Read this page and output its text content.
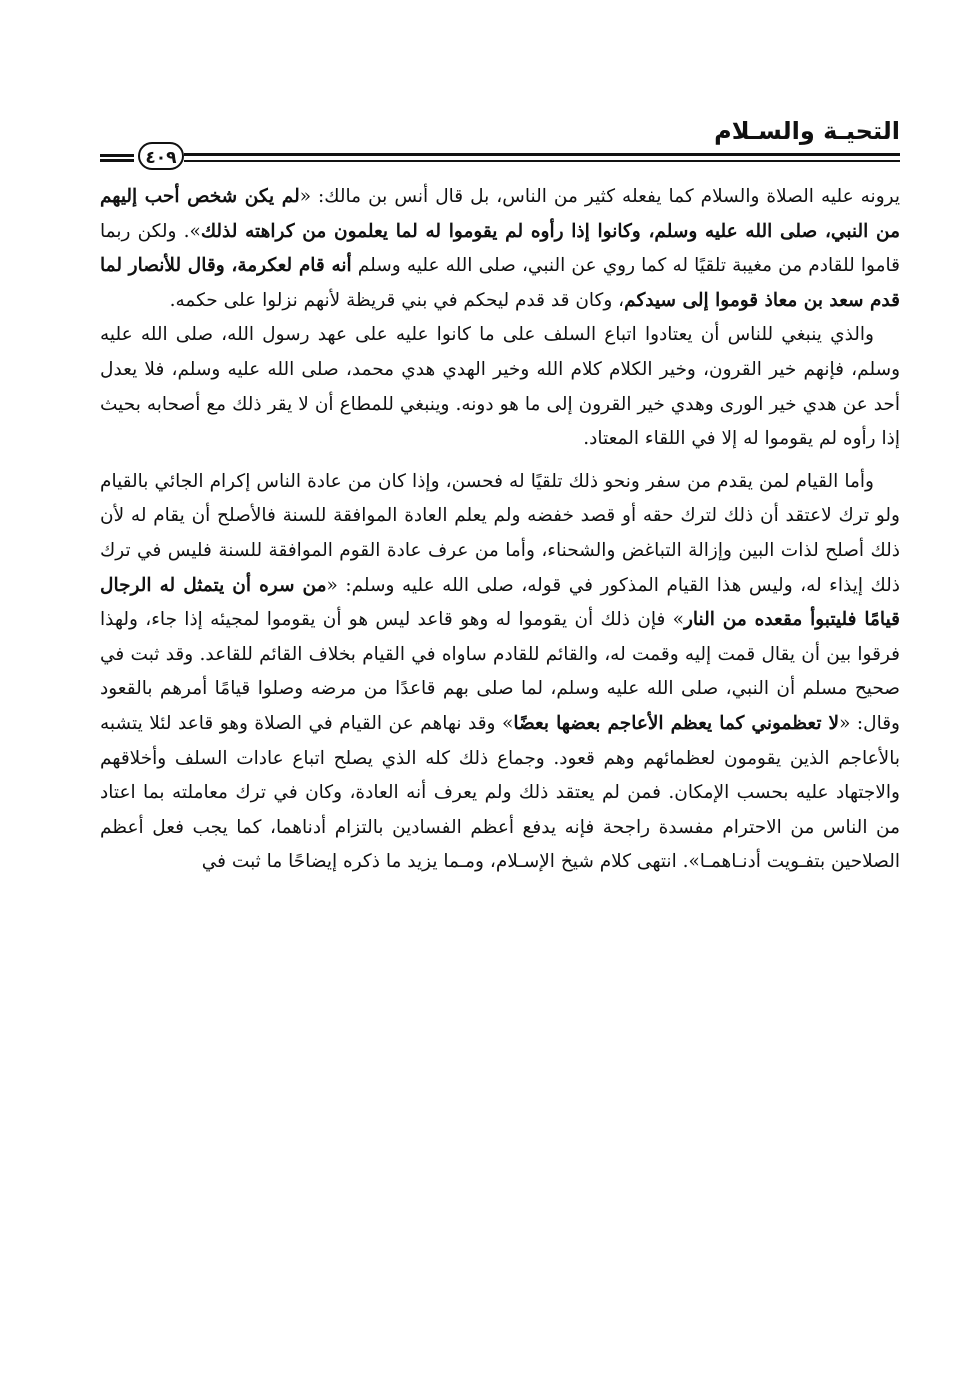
التحيـة والسـلام
٤٠٩

يرونه عليه الصلاة والسلام كما يفعله كثير من الناس، بل قال أنس بن مالك: «لم يكن شخص أحب إليهم من النبي، صلى الله عليه وسلم، وكانوا إذا رأوه لم يقوموا له لما يعلمون من كراهته لذلك». ولكن ربما قاموا للقادم من مغيبة تلقيًا له كما روي عن النبي، صلى الله عليه وسلم أنه قام لعكرمة، وقال للأنصار لما قدم سعد بن معاذ قوموا إلى سيدكم، وكان قد قدم ليحكم في بني قريظة لأنهم نزلوا على حكمه.

والذي ينبغي للناس أن يعتادوا اتباع السلف على ما كانوا عليه على عهد رسول الله، صلى الله عليه وسلم، فإنهم خير القرون، وخير الكلام كلام الله وخير الهدي هدي محمد، صلى الله عليه وسلم، فلا يعدل أحد عن هدي خير الورى وهدي خير القرون إلى ما هو دونه. وينبغي للمطاع أن لا يقر ذلك مع أصحابه بحيث إذا رأوه لم يقوموا له إلا في اللقاء المعتاد.

وأما القيام لمن يقدم من سفر ونحو ذلك تلقيًا له فحسن، وإذا كان من عادة الناس إكرام الجائي بالقيام ولو ترك لاعتقد أن ذلك لترك حقه أو قصد خفضه ولم يعلم العادة الموافقة للسنة فالأصلح أن يقام له لأن ذلك أصلح لذات البين وإزالة التباغض والشحناء، وأما من عرف عادة القوم الموافقة للسنة فليس في ترك ذلك إيذاء له، وليس هذا القيام المذكور في قوله، صلى الله عليه وسلم: «من سره أن يتمثل له الرجال قيامًا فليتبوأ مقعده من النار» فإن ذلك أن يقوموا له وهو قاعد ليس هو أن يقوموا لمجيئه إذا جاء، ولهذا فرقوا بين أن يقال قمت إليه وقمت له، والقائم للقادم ساواه في القيام بخلاف القائم للقاعد. وقد ثبت في صحيح مسلم أن النبي، صلى الله عليه وسلم، لما صلى بهم قاعدًا من مرضه وصلوا قيامًا أمرهم بالقعود وقال: «لا تعظموني كما يعظم الأعاجم بعضها بعضًا» وقد نهاهم عن القيام في الصلاة وهو قاعد لئلا يتشبه بالأعاجم الذين يقومون لعظمائهم وهم قعود. وجماع ذلك كله الذي يصلح اتباع عادات السلف وأخلاقهم والاجتهاد عليه بحسب الإمكان. فمن لم يعتقد ذلك ولم يعرف أنه العادة، وكان في ترك معاملته بما اعتاد من الناس من الاحترام مفسدة راجحة فإنه يدفع أعظم الفسادين بالتزام أدناهما، كما يجب فعل أعظم الصلاحين بتفـويت أدنـاهمـا». انتهى كلام شيخ الإسـلام، ومـما يزيد ما ذكره إيضاحًا ما ثبت في
